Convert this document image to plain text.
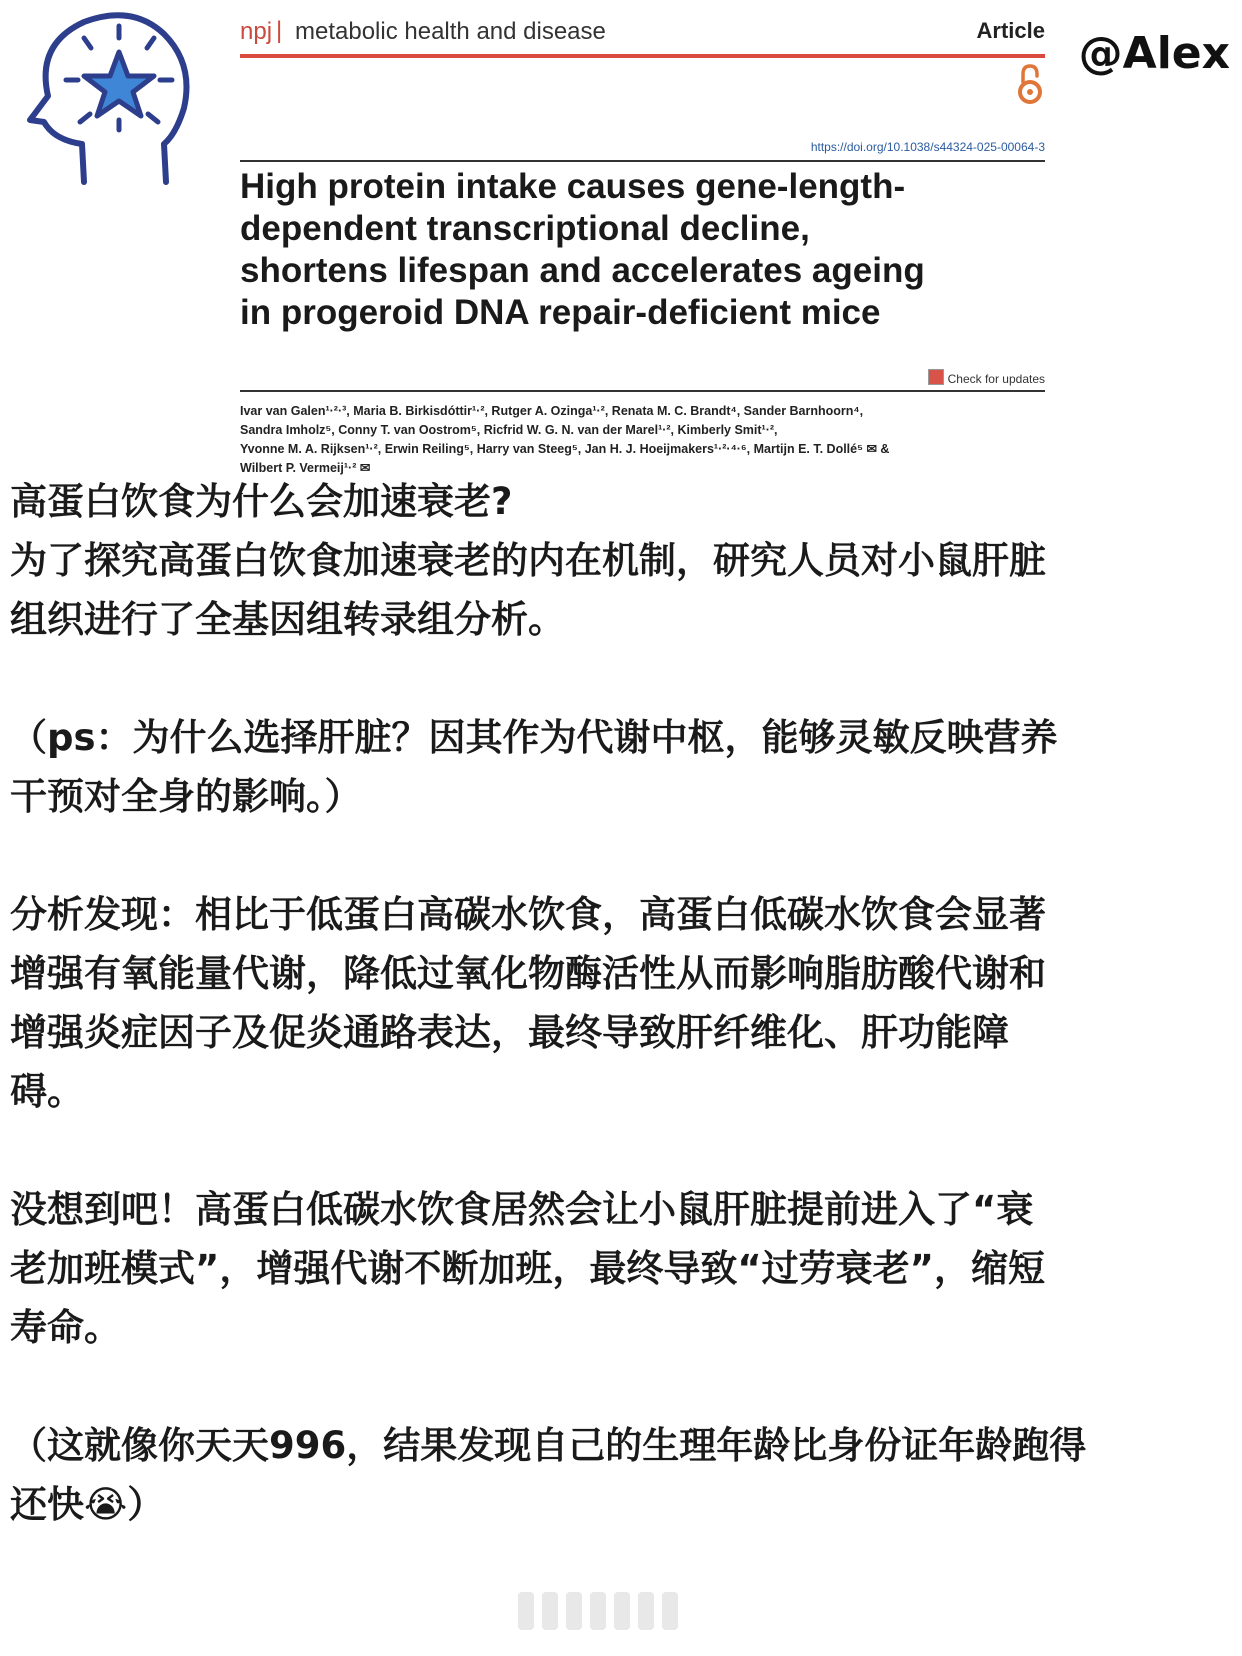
@Alex
npj | metabolic health and disease	Article
https://doi.org/10.1038/s44324-025-00064-3
High protein intake causes gene-length-
dependent transcriptional decline,
shortens lifespan and accelerates ageing
in progeroid DNA repair-deficient mice
Check for updates
Ivar van Galen¹·²·³, Maria B. Birkisdóttir¹·², Rutger A. Ozinga¹·², Renata M. C. Brandt⁴, Sander Barnhoorn⁴,
Sandra Imholz⁵, Conny T. van Oostrom⁵, Ricfrid W. G. N. van der Marel¹·², Kimberly Smit¹·²,
Yvonne M. A. Rijksen¹·², Erwin Reiling⁵, Harry van Steeg⁵, Jan H. J. Hoeijmakers¹·²·⁴·⁶, Martijn E. T. Dollé⁵ ✉ &
Wilbert P. Vermeij¹·² ✉
高蛋白饮食为什么会加速衰老?
为了探究高蛋白饮食加速衰老的内在机制，研究人员对小鼠肝脏
组织进行了全基因组转录组分析。
（ps：为什么选择肝脏？因其作为代谢中枢，能够灵敏反映营养
干预对全身的影响。）
分析发现：相比于低蛋白高碳水饮食，高蛋白低碳水饮食会显著
增强有氧能量代谢，降低过氧化物酶活性从而影响脂肪酸代谢和
增强炎症因子及促炎通路表达，最终导致肝纤维化、肝功能障
碍。
没想到吧！高蛋白低碳水饮食居然会让小鼠肝脏提前进入了“衰
老加班模式”，增强代谢不断加班，最终导致“过劳衰老”，缩短
寿命。
（这就像你天天996，结果发现自己的生理年龄比身份证年龄跑得
还快😭）
